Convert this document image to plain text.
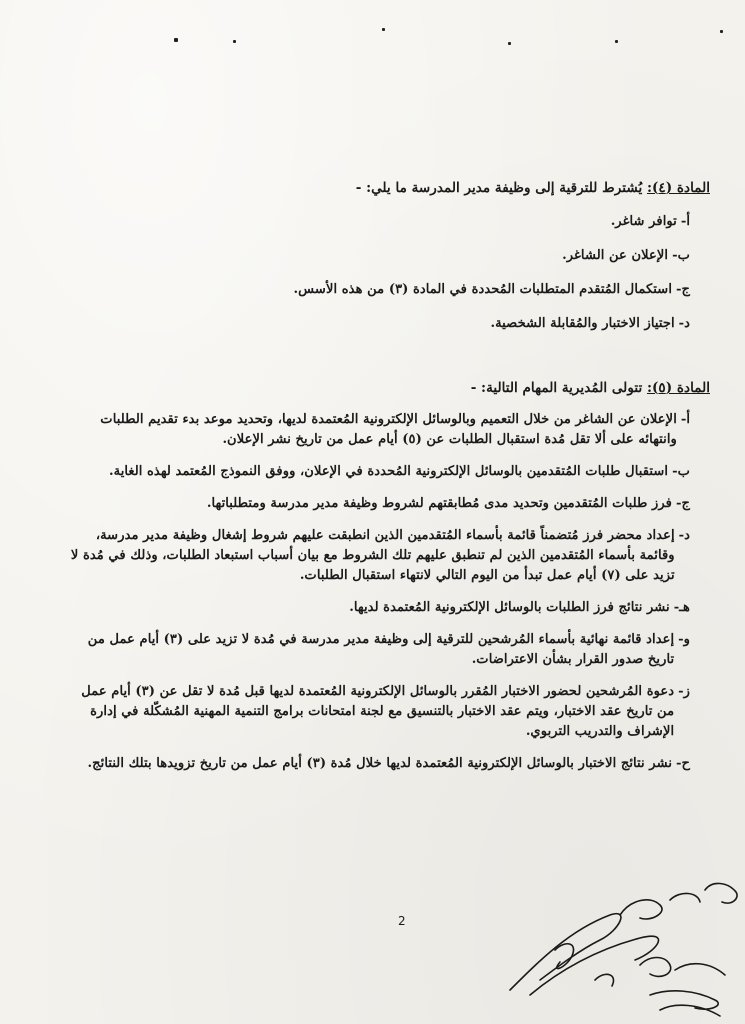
المادة (٤): يُشترط للترقية إلى وظيفة مدير المدرسة ما يلي: -

أ-
توافر شاغر.
ب-
الإعلان عن الشاغر.
ج-
استكمال المُتقدم المتطلبات المُحددة في المادة (٣) من هذه الأسس.
د-
اجتياز الاختبار والمُقابلة الشخصية.

المادة (٥): تتولى المُديرية المهام التالية: -

أ-
الإعلان عن الشاغر من خلال التعميم وبالوسائل الإلكترونية المُعتمدة لديها، وتحديد موعد بدء تقديم الطلبات وانتهائه على ألا تقل مُدة استقبال الطلبات عن (٥) أيام عمل من تاريخ نشر الإعلان.
ب-
استقبال طلبات المُتقدمين بالوسائل الإلكترونية المُحددة في الإعلان، ووفق النموذج المُعتمد لهذه الغاية.
ج-
فرز طلبات المُتقدمين وتحديد مدى مُطابقتهم لشروط وظيفة مدير مدرسة ومتطلباتها.
د-
إعداد محضر فرز مُتضمناً قائمة بأسماء المُتقدمين الذين انطبقت عليهم شروط إشغال وظيفة مدير مدرسة، وقائمة بأسماء المُتقدمين الذين لم تنطبق عليهم تلك الشروط مع بيان أسباب استبعاد الطلبات، وذلك في مُدة لا تزيد على (٧) أيام عمل تبدأ من اليوم التالي لانتهاء استقبال الطلبات.
هـ-
نشر نتائج فرز الطلبات بالوسائل الإلكترونية المُعتمدة لديها.
و-
إعداد قائمة نهائية بأسماء المُرشحين للترقية إلى وظيفة مدير مدرسة في مُدة لا تزيد على (٣) أيام عمل من تاريخ صدور القرار بشأن الاعتراضات.
ز-
دعوة المُرشحين لحضور الاختبار المُقرر بالوسائل الإلكترونية المُعتمدة لديها قبل مُدة لا تقل عن (٣) أيام عمل من تاريخ عقد الاختبار، ويتم عقد الاختبار بالتنسيق مع لجنة امتحانات برامج التنمية المهنية المُشكّلة في إدارة الإشراف والتدريب التربوي.
ح-
نشر نتائج الاختبار بالوسائل الإلكترونية المُعتمدة لديها خلال مُدة (٣) أيام عمل من تاريخ تزويدها بتلك النتائج.
2
